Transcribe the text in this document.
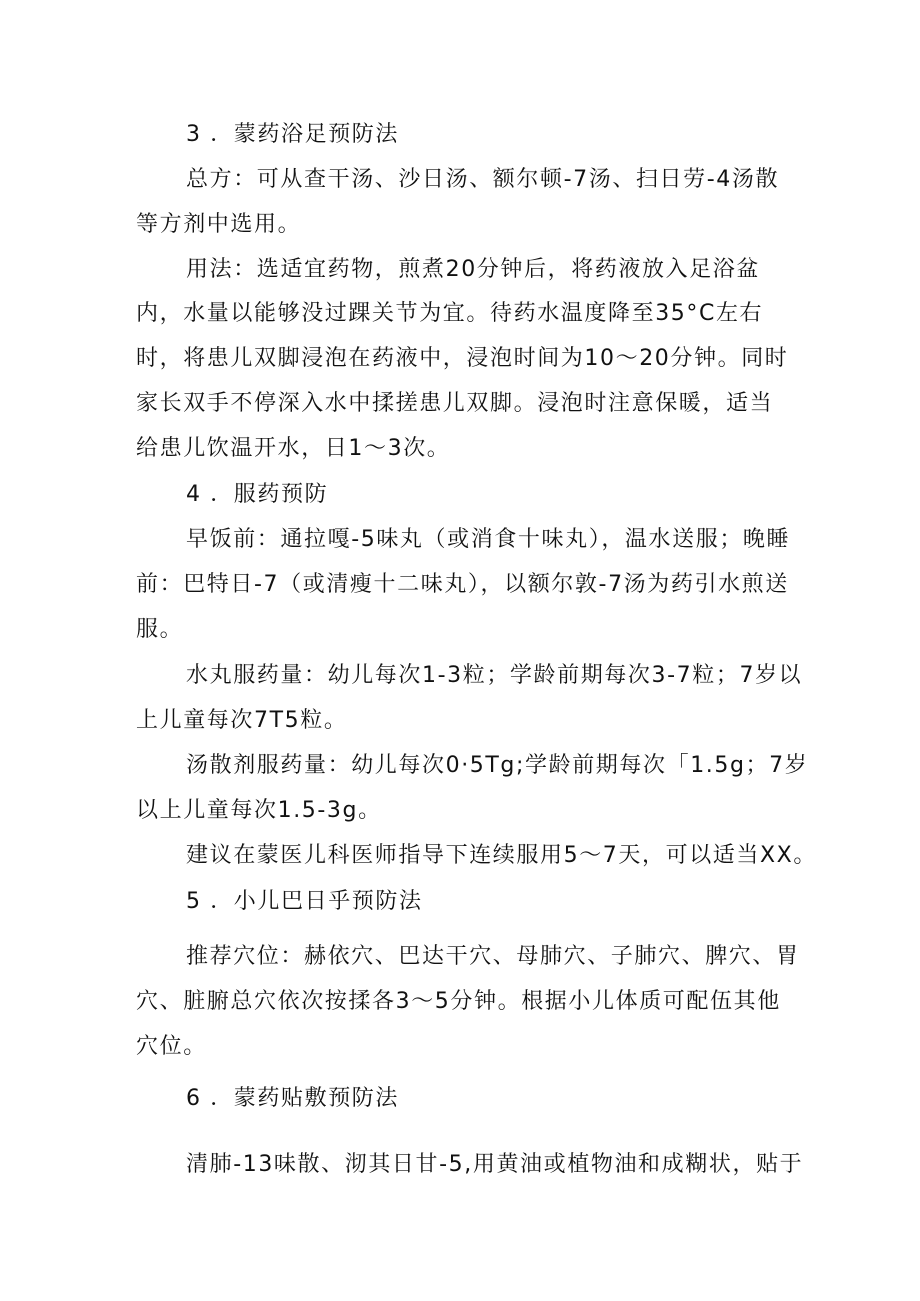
3 ．蒙药浴足预防法
总方：可从查干汤、沙日汤、额尔顿-7汤、扫日劳-4汤散
等方剂中选用。
用法：选适宜药物，煎煮20分钟后，将药液放入足浴盆
内，水量以能够没过踝关节为宜。待药水温度降至35°C左右
时，将患儿双脚浸泡在药液中，浸泡时间为10～20分钟。同时
家长双手不停深入水中揉搓患儿双脚。浸泡时注意保暖，适当
给患儿饮温开水，日1～3次。
4 ．服药预防
早饭前：通拉嘎-5味丸（或消食十味丸），温水送服；晚睡
前：巴特日-7（或清瘦十二味丸），以额尔敦-7汤为药引水煎送
服。
水丸服药量：幼儿每次1-3粒；学龄前期每次3-7粒；7岁以
上儿童每次7T5粒。
汤散剂服药量：幼儿每次0·5Tg;学龄前期每次「1.5g；7岁
以上儿童每次1.5-3g。
建议在蒙医儿科医师指导下连续服用5～7天，可以适当XX。
5 ．小儿巴日乎预防法
推荐穴位：赫依穴、巴达干穴、母肺穴、子肺穴、脾穴、胃
穴、脏腑总穴依次按揉各3～5分钟。根据小儿体质可配伍其他
穴位。
6 ．蒙药贴敷预防法
清肺-13味散、沏其日甘-5,用黄油或植物油和成糊状，贴于
